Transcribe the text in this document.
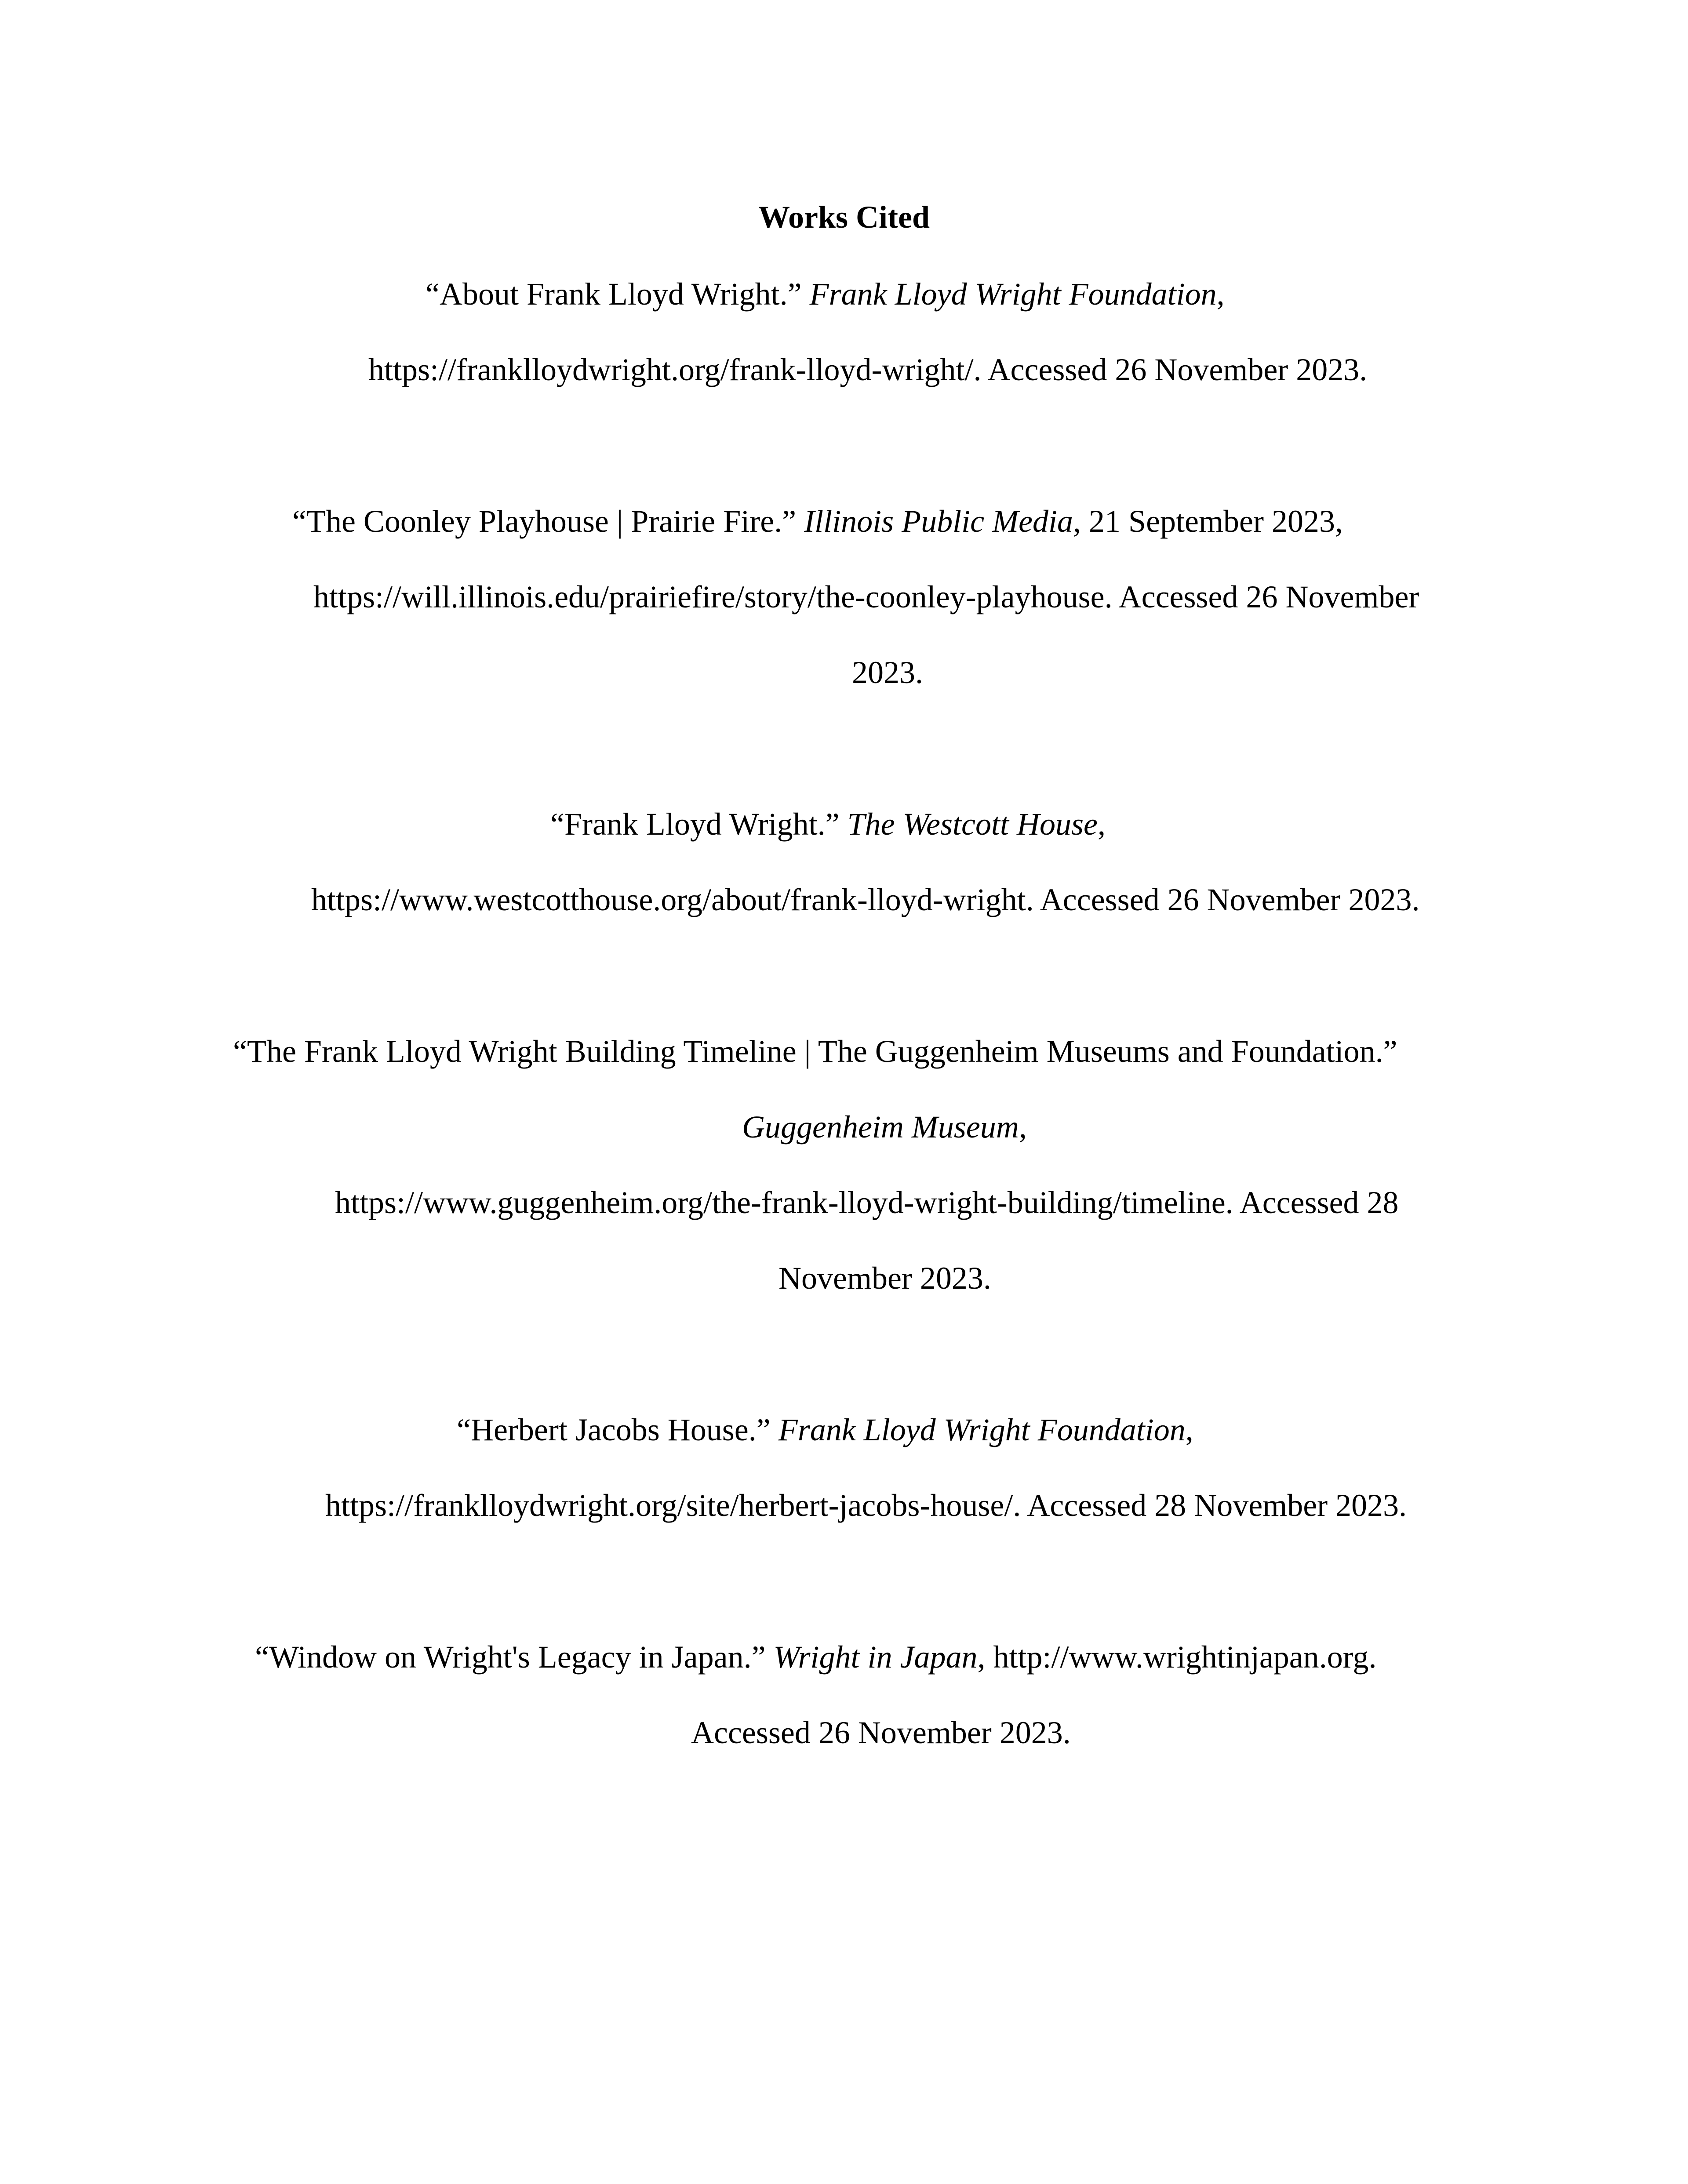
Works Cited

“About Frank Lloyd Wright.” Frank Lloyd Wright Foundation,

https://franklloydwright.org/frank-lloyd-wright/. Accessed 26 November 2023.

“The Coonley Playhouse | Prairie Fire.” Illinois Public Media, 21 September 2023,

https://will.illinois.edu/prairiefire/story/the-coonley-playhouse. Accessed 26 November

2023.

“Frank Lloyd Wright.” The Westcott House,

https://www.westcotthouse.org/about/frank-lloyd-wright. Accessed 26 November 2023.

“The Frank Lloyd Wright Building Timeline | The Guggenheim Museums and Foundation.”

Guggenheim Museum,

https://www.guggenheim.org/the-frank-lloyd-wright-building/timeline. Accessed 28

November 2023.

“Herbert Jacobs House.” Frank Lloyd Wright Foundation,

https://franklloydwright.org/site/herbert-jacobs-house/. Accessed 28 November 2023.

“Window on Wright's Legacy in Japan.” Wright in Japan, http://www.wrightinjapan.org.

Accessed 26 November 2023.
